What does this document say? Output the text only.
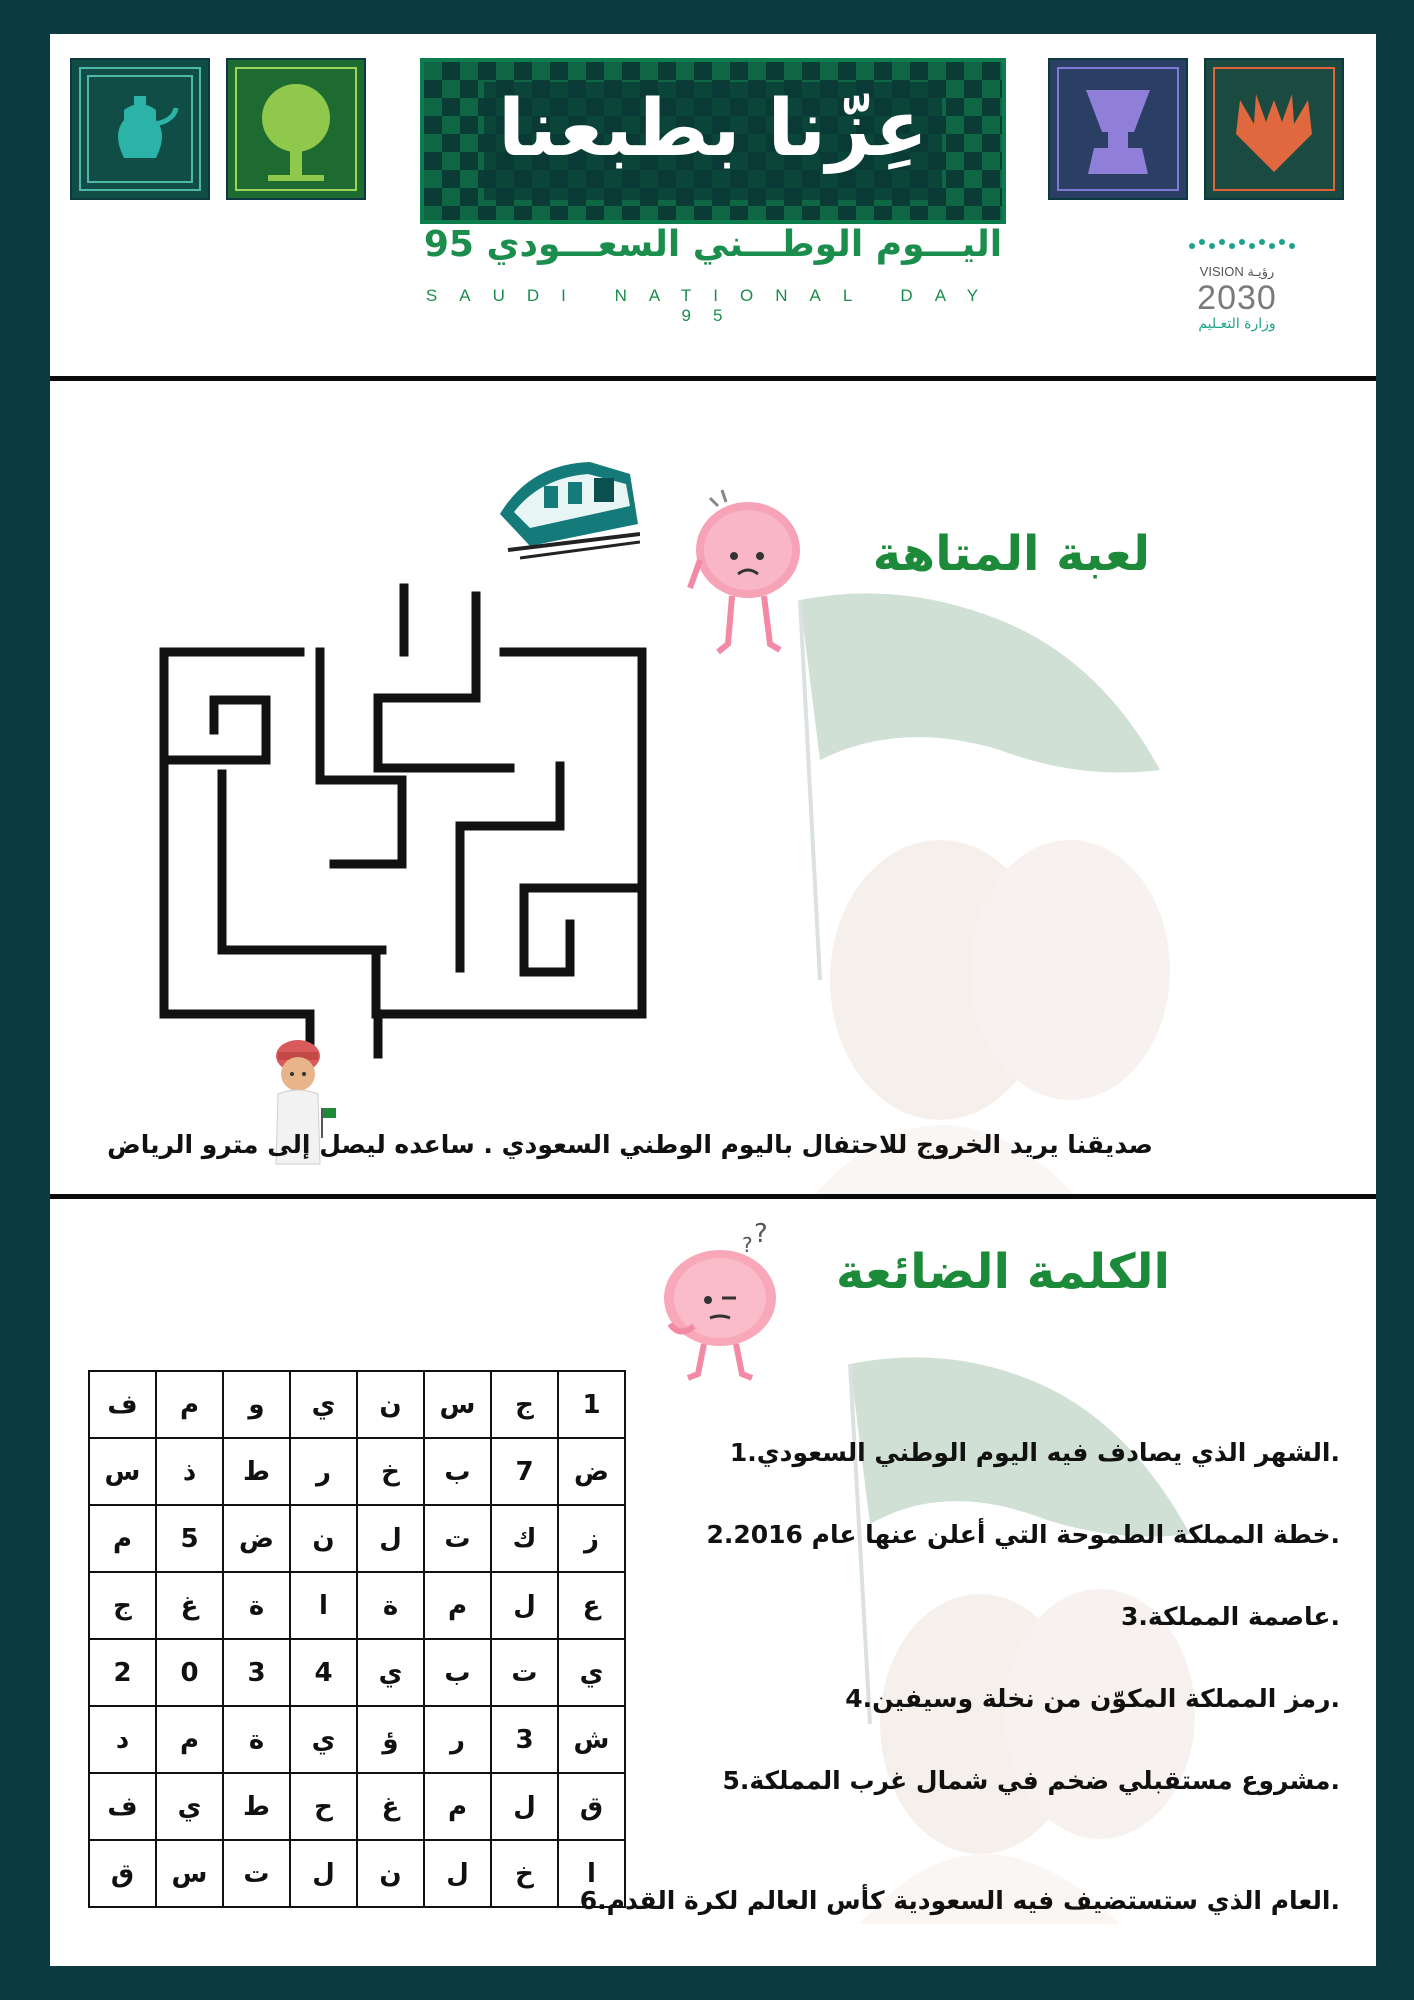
عِزّنا بطبعنا
اليـــوم الوطـــني السعـــودي 95
SAUDI NATIONAL DAY 95
VISION رؤيـة
2030
وزارة التعـليم
لعبة المتاهة
صديقنا يريد الخروج للاحتفال باليوم الوطني السعودي . ساعده ليصل إلى مترو الرياض
الكلمة الضائعة
?
?
ف	م	و	ي	ن	س	ج	1
س	ذ	ط	ر	خ	ب	7	ض
م	5	ض	ن	ل	ت	ك	ز
ج	غ	ة	ا	ة	م	ل	ع
2	0	3	4	ي	ب	ت	ي
د	م	ة	ي	ؤ	ر	3	ش
ف	ي	ط	ح	غ	م	ل	ق
ق	س	ت	ل	ن	ل	خ	ا
1.الشهر الذي يصادف فيه اليوم الوطني السعودي.
2.خطة المملكة الطموحة التي أعلن عنها عام 2016.
3.عاصمة المملكة.
4.رمز المملكة المكوّن من نخلة وسيفين.
5.مشروع مستقبلي ضخم في شمال غرب المملكة.
6.العام الذي ستستضيف فيه السعودية كأس العالم لكرة القدم.
